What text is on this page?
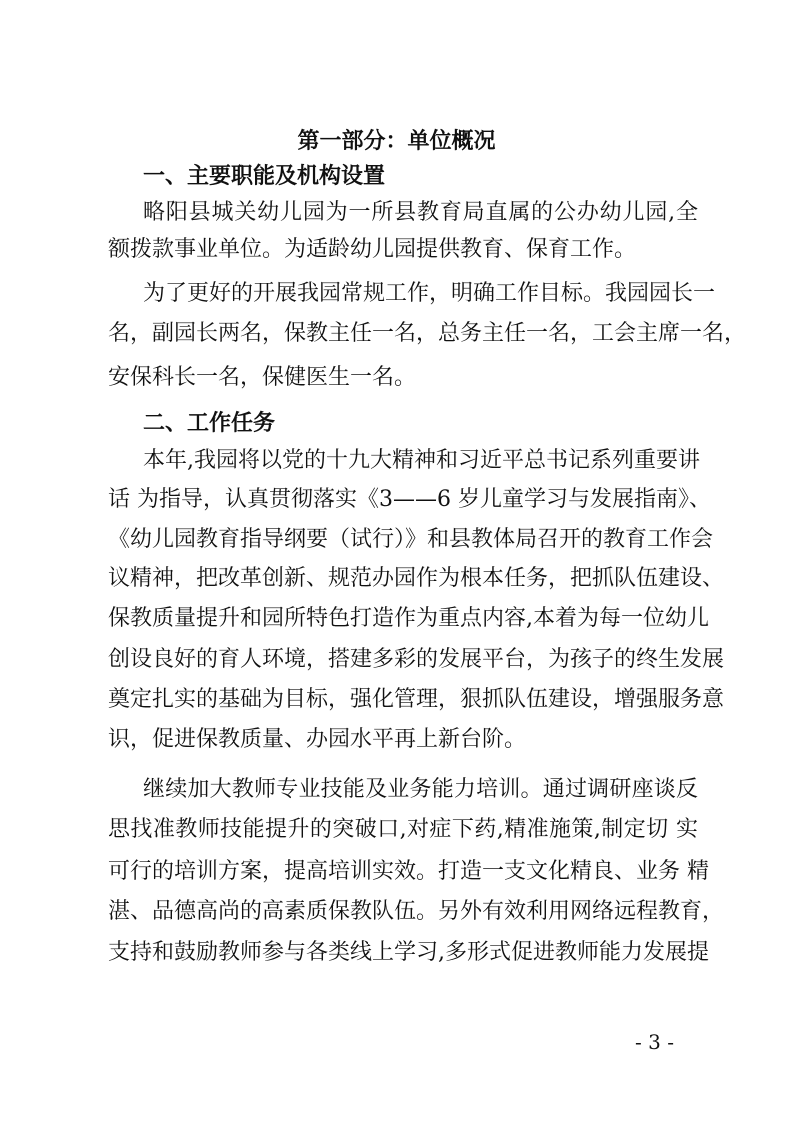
第一部分：单位概况
一、主要职能及机构设置
二、工作任务
略阳县城关幼儿园为一所县教育局直属的公办幼儿园,全
额拨款事业单位。为适龄幼儿园提供教育、保育工作。
为了更好的开展我园常规工作，明确工作目标。我园园长一
名，副园长两名，保教主任一名，总务主任一名，工会主席一名，
安保科长一名，保健医生一名。
本年,我园将以党的十九大精神和习近平总书记系列重要讲
话 为指导，认真贯彻落实《3——6 岁儿童学习与发展指南》、
《幼儿园教育指导纲要（试行）》和县教体局召开的教育工作会
议精神，把改革创新、规范办园作为根本任务，把抓队伍建设、
保教质量提升和园所特色打造作为重点内容,本着为每一位幼儿
创设良好的育人环境，搭建多彩的发展平台，为孩子的终生发展
奠定扎实的基础为目标，强化管理，狠抓队伍建设，增强服务意
识，促进保教质量、办园水平再上新台阶。
继续加大教师专业技能及业务能力培训。通过调研座谈反
思找准教师技能提升的突破口,对症下药,精准施策,制定切 实
可行的培训方案，提高培训实效。打造一支文化精良、业务 精
湛、品德高尚的高素质保教队伍。另外有效利用网络远程教育，
支持和鼓励教师参与各类线上学习,多形式促进教师能力发展提
- 3 -
